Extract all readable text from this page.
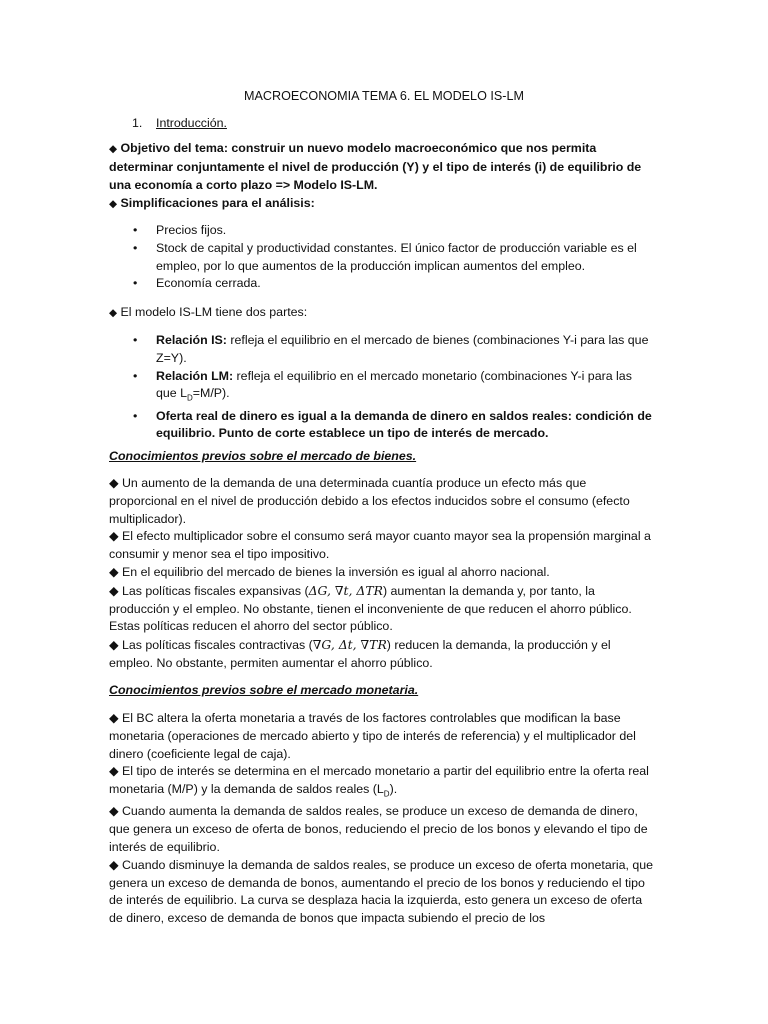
MACROECONOMIA TEMA 6. EL MODELO IS-LM
1. Introducción.
◆ Objetivo del tema: construir un nuevo modelo macroeconómico que nos permita determinar conjuntamente el nivel de producción (Y) y el tipo de interés (i) de equilibrio de una economía a corto plazo => Modelo IS-LM.
◆ Simplificaciones para el análisis:
• Precios fijos.
• Stock de capital y productividad constantes. El único factor de producción variable es el empleo, por lo que aumentos de la producción implican aumentos del empleo.
• Economía cerrada.
◆ El modelo IS-LM tiene dos partes:
• Relación IS: refleja el equilibrio en el mercado de bienes (combinaciones Y-i para las que Z=Y).
• Relación LM: refleja el equilibrio en el mercado monetario (combinaciones Y-i para las que $L_D=M/P$).
• Oferta real de dinero es igual a la demanda de dinero en saldos reales: condición de equilibrio. Punto de corte establece un tipo de interés de mercado.
Conocimientos previos sobre el mercado de bienes.

◆ Un aumento de la demanda de una determinada cuantía produce un efecto más que proporcional en el nivel de producción debido a los efectos inducidos sobre el consumo (efecto multiplicador).

◆ El efecto multiplicador sobre el consumo será mayor cuanto mayor sea la propensión marginal a consumir y menor sea el tipo impositivo.

◆ En el equilibrio del mercado de bienes la inversión es igual al ahorro nacional.

◆ Las políticas fiscales expansivas (ΔG, ∇t, ΔTR) aumentan la demanda y, por tanto, la producción y el empleo. No obstante, tienen el inconveniente de que reducen el ahorro público. Estas políticas reducen el ahorro del sector público.

◆ Las políticas fiscales contractivas (∇G, Δt, ∇TR) reducen la demanda, la producción y el empleo. No obstante, permiten aumentar el ahorro público.

Conocimientos previos sobre el mercado monetaria.

◆ El BC altera la oferta monetaria a través de los factores controlables que modifican la base monetaria (operaciones de mercado abierto y tipo de interés de referencia) y el multiplicador del dinero (coeficiente legal de caja).

◆ El tipo de interés se determina en el mercado monetario a partir del equilibrio entre la oferta real monetaria (M/P) y la demanda de saldos reales $(L_D)$.

◆ Cuando aumenta la demanda de saldos reales, se produce un exceso de demanda de dinero, que genera un exceso de oferta de bonos, reduciendo el precio de los bonos y elevando el tipo de interés de equilibrio.

◆ Cuando disminuye la demanda de saldos reales, se produce un exceso de oferta monetaria, que genera un exceso de demanda de bonos, aumentando el precio de los bonos y reduciendo el tipo de interés de equilibrio. La curva se desplaza hacia la izquierda, esto genera un exceso de oferta de dinero, exceso de demanda de bonos que impacta subiendo el precio de los
